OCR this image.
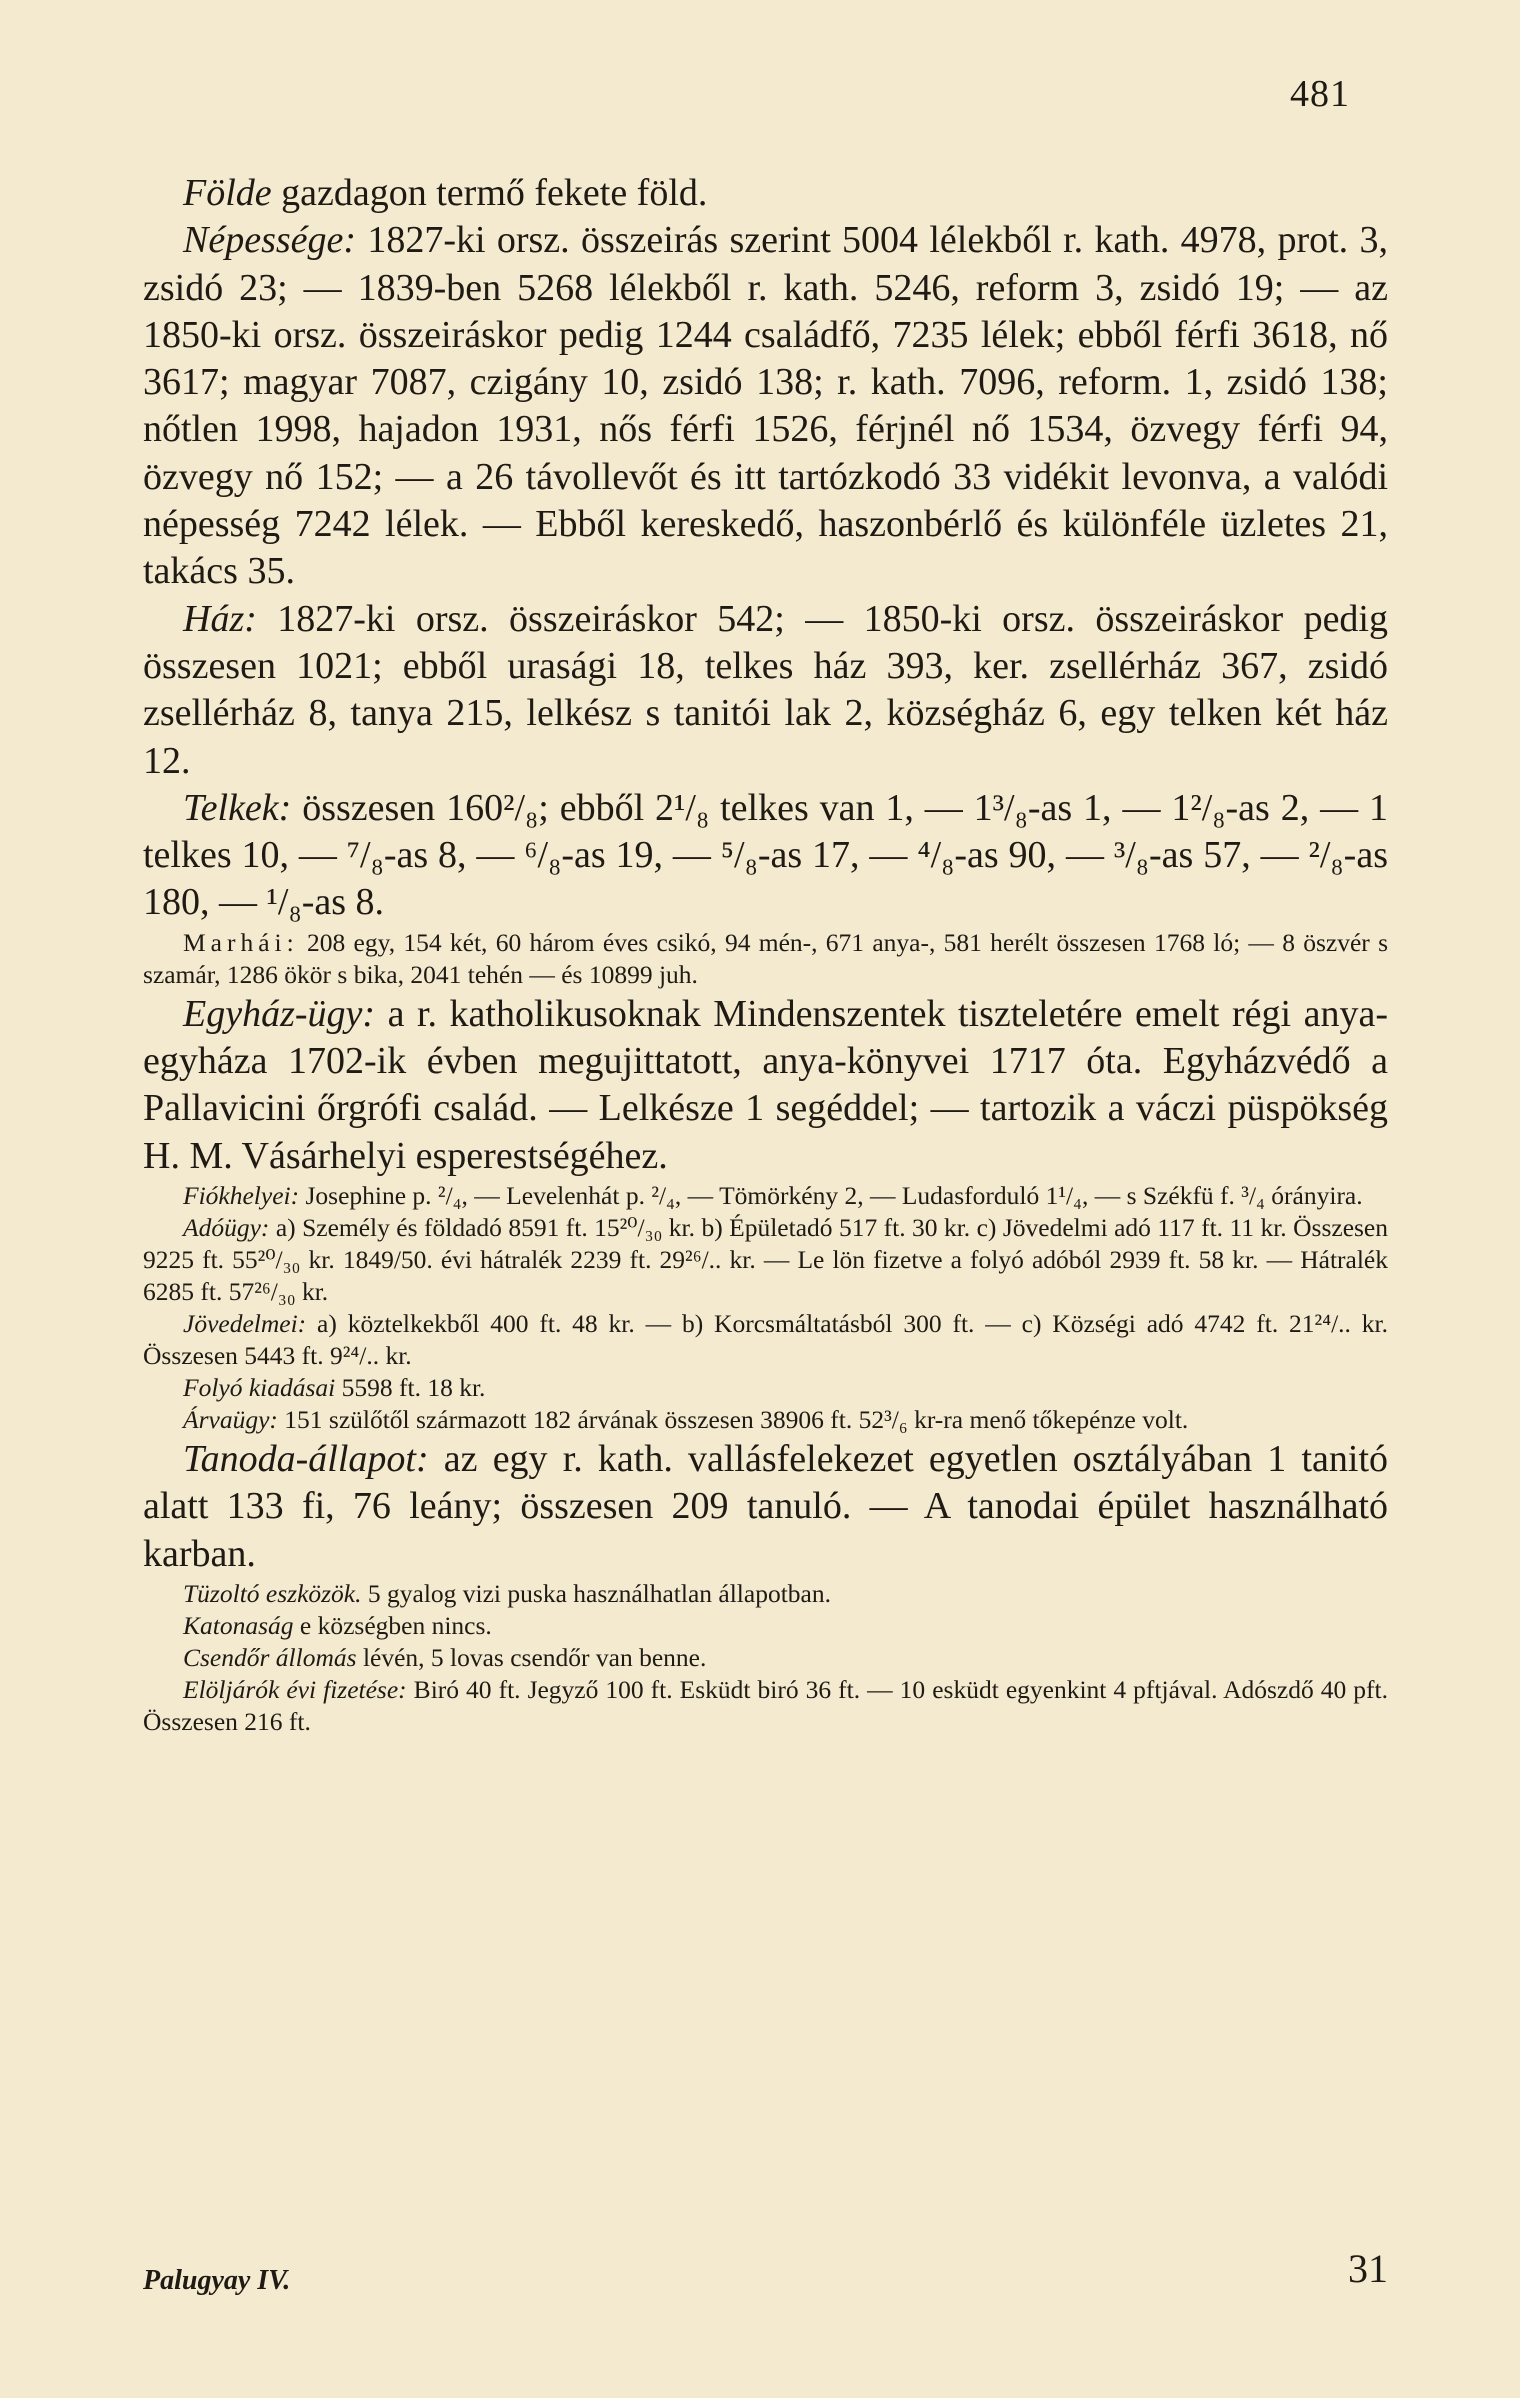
481

Földe gazdagon termő fekete föld.

Népessége: 1827-ki orsz. összeirás szerint 5004 lélekből r. kath. 4978, prot. 3, zsidó 23; — 1839-ben 5268 lélekből r. kath. 5246, reform 3, zsidó 19; — az 1850-ki orsz. összeiráskor pedig 1244 családfő, 7235 lélek; ebből férfi 3618, nő 3617; magyar 7087, czigány 10, zsidó 138; r. kath. 7096, reform. 1, zsidó 138; nőtlen 1998, hajadon 1931, nős férfi 1526, férjnél nő 1534, özvegy férfi 94, özvegy nő 152; — a 26 távollevőt és itt tartózkodó 33 vidékit levonva, a valódi népesség 7242 lélek. — Ebből kereskedő, haszonbérlő és különféle üzletes 21, takács 35.

Ház: 1827-ki orsz. összeiráskor 542; — 1850-ki orsz. összeiráskor pedig összesen 1021; ebből urasági 18, telkes ház 393, ker. zsellérház 367, zsidó zsellérház 8, tanya 215, lelkész s tanitói lak 2, községház 6, egy telken két ház 12.

Telkek: összesen 160²/₈; ebből 2¹/₈ telkes van 1, — 1³/₈-as 1, — 1²/₈-as 2, — 1 telkes 10, — ⁷/₈-as 8, — ⁶/₈-as 19, — ⁵/₈-as 17, — ⁴/₈-as 90, — ³/₈-as 57, — ²/₈-as 180, — ¹/₈-as 8.

Marhái: 208 egy, 154 két, 60 három éves csikó, 94 mén-, 671 anya-, 581 herélt összesen 1768 ló; — 8 öszvér s szamár, 1286 ökör s bika, 2041 tehén — és 10899 juh.

Egyház-ügy: a r. katholikusoknak Mindenszentek tiszteletére emelt régi anya-egyháza 1702-ik évben megujittatott, anya-könyvei 1717 óta. Egyházvédő a Pallavicini őrgrófi család. — Lelkésze 1 segéddel; — tartozik a váczi püspökség H. M. Vásárhelyi esperestségéhez.

Fiókhelyei: Josephine p. ²/₄, — Levelenhát p. ²/₄, — Tömörkény 2, — Ludasforduló 1¹/₄, — s Székfü f. ³/₄ órányira.

Adóügy: a) Személy és földadó 8591 ft. 15²⁰/₃₀ kr. b) Épületadó 517 ft. 30 kr. c) Jövedelmi adó 117 ft. 11 kr. Összesen 9225 ft. 55²⁰/₃₀ kr. 1849/50. évi hátralék 2239 ft. 29²⁶/.. kr. — Le lön fizetve a folyó adóból 2939 ft. 58 kr. — Hátralék 6285 ft. 57²⁶/₃₀ kr.

Jövedelmei: a) köztelkekből 400 ft. 48 kr. — b) Korcsmáltatásból 300 ft. — c) Községi adó 4742 ft. 21²⁴/.. kr. Összesen 5443 ft. 9²⁴/.. kr.

Folyó kiadásai 5598 ft. 18 kr.

Árvaügy: 151 szülőtől származott 182 árvának összesen 38906 ft. 52³/₆ kr-ra menő tőkepénze volt.

Tanoda-állapot: az egy r. kath. vallásfelekezet egyetlen osztályában 1 tanitó alatt 133 fi, 76 leány; összesen 209 tanuló. — A tanodai épület használható karban.

Tüzoltó eszközök. 5 gyalog vizi puska használhatlan állapotban.

Katonaság e községben nincs.

Csendőr állomás lévén, 5 lovas csendőr van benne.

Elöljárók évi fizetése: Biró 40 ft. Jegyző 100 ft. Esküdt biró 36 ft. — 10 esküdt egyenkint 4 pftjával. Adószdő 40 pft. Összesen 216 ft.

Palugyay IV.	31
